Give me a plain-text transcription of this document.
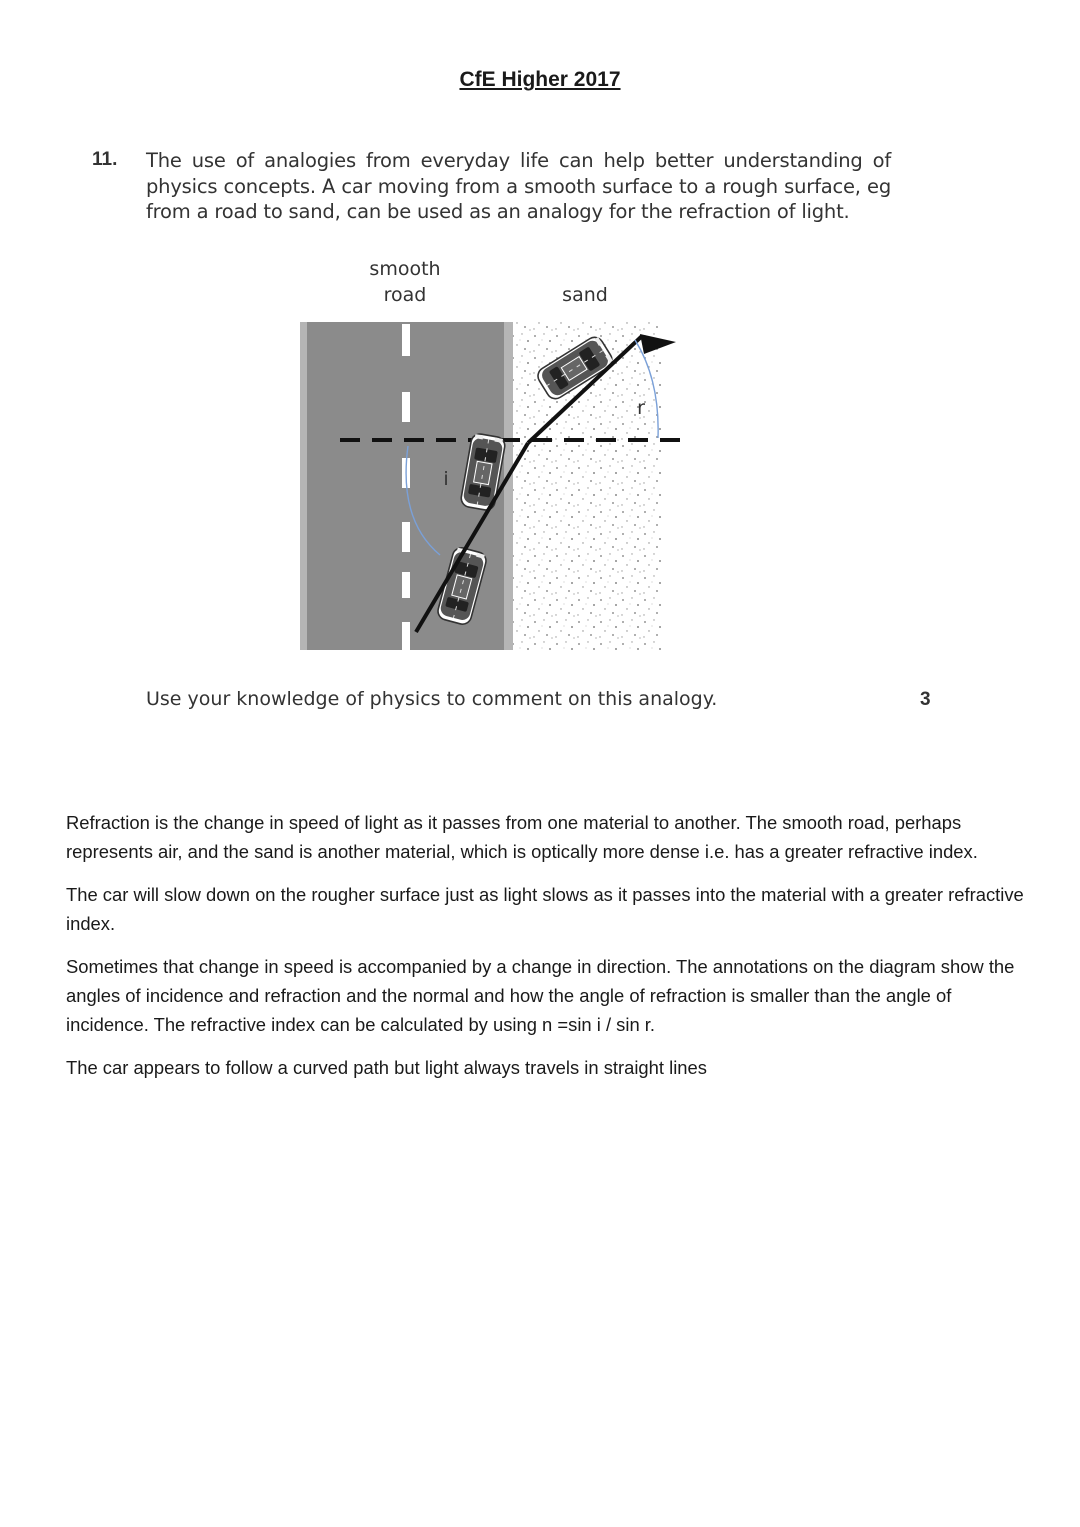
CfE Higher 2017
11. The use of analogies from everyday life can help better understanding of physics concepts. A car moving from a smooth surface to a rough surface, eg from a road to sand, can be used as an analogy for the refraction of light.
smooth
road	sand
i
r
Use your knowledge of physics to comment on this analogy.	3

Refraction is the change in speed of light as it passes from one material to another. The smooth road, perhaps represents air, and the sand is another material, which is optically more dense i.e. has a greater refractive index.

The car will slow down on the rougher surface just as light slows as it passes into the material with a greater refractive index.

Sometimes that change in speed is accompanied by a change in direction. The annotations on the diagram show the angles of incidence and refraction and the normal and how the angle of refraction is smaller than the angle of incidence. The refractive index can be calculated by using n =sin i / sin r.

The car appears to follow a curved path but light always travels in straight lines
